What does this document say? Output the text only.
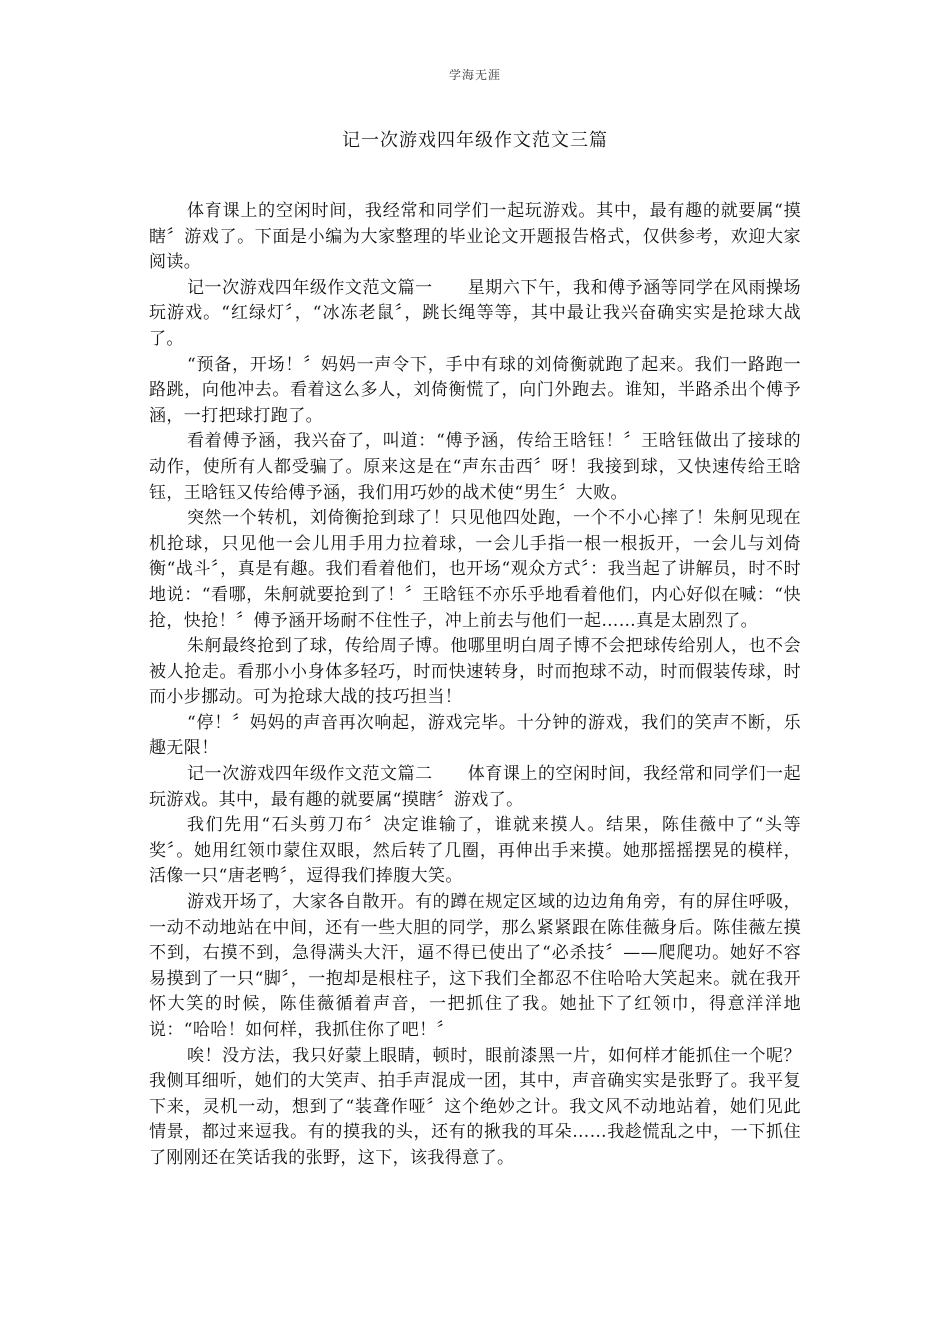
学海无涯
记一次游戏四年级作文范文三篇

体育课上的空闲时间，我经常和同学们一起玩游戏。其中，最有趣的就要属“摸瞎〞游戏了。下面是小编为大家整理的毕业论文开题报告格式，仅供参考，欢迎大家阅读。

记一次游戏四年级作文范文篇一　　星期六下午，我和傅予涵等同学在风雨操场玩游戏。“红绿灯〞，“冰冻老鼠〞，跳长绳等等，其中最让我兴奋确实实是抢球大战了。

“预备，开场！〞妈妈一声令下，手中有球的刘倚衡就跑了起来。我们一路跑一路跳，向他冲去。看着这么多人，刘倚衡慌了，向门外跑去。谁知，半路杀出个傅予涵，一打把球打跑了。

看着傅予涵，我兴奋了，叫道：“傅予涵，传给王晗钰！〞王晗钰做出了接球的动作，使所有人都受骗了。原来这是在“声东击西〞呀！我接到球，又快速传给王晗钰，王晗钰又传给傅予涵，我们用巧妙的战术使“男生〞大败。

突然一个转机，刘倚衡抢到球了！只见他四处跑，一个不小心摔了！朱舸见现在机抢球，只见他一会儿用手用力拉着球，一会儿手指一根一根扳开，一会儿与刘倚衡“战斗〞，真是有趣。我们看着他们，也开场“观众方式〞：我当起了讲解员，时不时地说：“看哪，朱舸就要抢到了！〞王晗钰不亦乐乎地看着他们，内心好似在喊：“快抢，快抢！〞傅予涵开场耐不住性子，冲上前去与他们一起……真是太剧烈了。

朱舸最终抢到了球，传给周子博。他哪里明白周子博不会把球传给别人，也不会被人抢走。看那小小身体多轻巧，时而快速转身，时而抱球不动，时而假装传球，时而小步挪动。可为抢球大战的技巧担当！

“停！〞妈妈的声音再次响起，游戏完毕。十分钟的游戏，我们的笑声不断，乐趣无限！

记一次游戏四年级作文范文篇二　　体育课上的空闲时间，我经常和同学们一起玩游戏。其中，最有趣的就要属“摸瞎〞游戏了。

我们先用“石头剪刀布〞决定谁输了，谁就来摸人。结果，陈佳薇中了“头等奖〞。她用红领巾蒙住双眼，然后转了几圈，再伸出手来摸。她那摇摇摆晃的模样，活像一只“唐老鸭〞，逗得我们捧腹大笑。

游戏开场了，大家各自散开。有的蹲在规定区域的边边角角旁，有的屏住呼吸，一动不动地站在中间，还有一些大胆的同学，那么紧紧跟在陈佳薇身后。陈佳薇左摸不到，右摸不到，急得满头大汗，逼不得已使出了“必杀技〞——爬爬功。她好不容易摸到了一只“脚〞，一抱却是根柱子，这下我们全都忍不住哈哈大笑起来。就在我开怀大笑的时候，陈佳薇循着声音，一把抓住了我。她扯下了红领巾，得意洋洋地说：“哈哈！如何样，我抓住你了吧！〞

唉！没方法，我只好蒙上眼睛，顿时，眼前漆黑一片，如何样才能抓住一个呢？我侧耳细听，她们的大笑声、拍手声混成一团，其中，声音确实实是张野了。我平复下来，灵机一动，想到了“装聋作哑〞这个绝妙之计。我文风不动地站着，她们见此情景，都过来逗我。有的摸我的头，还有的揪我的耳朵……我趁慌乱之中，一下抓住了刚刚还在笑话我的张野，这下，该我得意了。
